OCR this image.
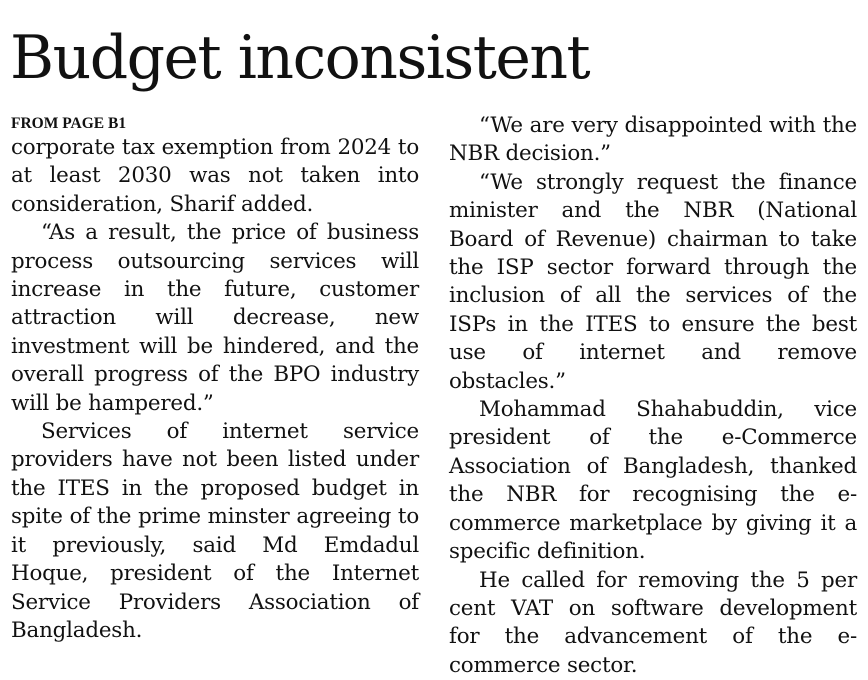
Budget inconsistent
FROM PAGE B1

corporate tax exemption from 2024 to at least 2030 was not taken into consideration, Sharif added.

“As a result, the price of business process outsourcing services will increase in the future, customer attraction will decrease, new investment will be hindered, and the overall progress of the BPO industry will be hampered.”

Services of internet service providers have not been listed under the ITES in the proposed budget in spite of the prime minster agreeing to it previously, said Md Emdadul Hoque, president of the Internet Service Providers Association of Bangladesh.

“We are very disappointed with the NBR decision.”

“We strongly request the finance minister and the NBR (National Board of Revenue) chairman to take the ISP sector forward through the inclusion of all the services of the ISPs in the ITES to ensure the best use of internet and remove obstacles.”

Mohammad Shahabuddin, vice president of the e-Commerce Association of Bangladesh, thanked the NBR for recognising the e-commerce marketplace by giving it a specific definition.

He called for removing the 5 per cent VAT on software development for the advancement of the e-commerce sector.
